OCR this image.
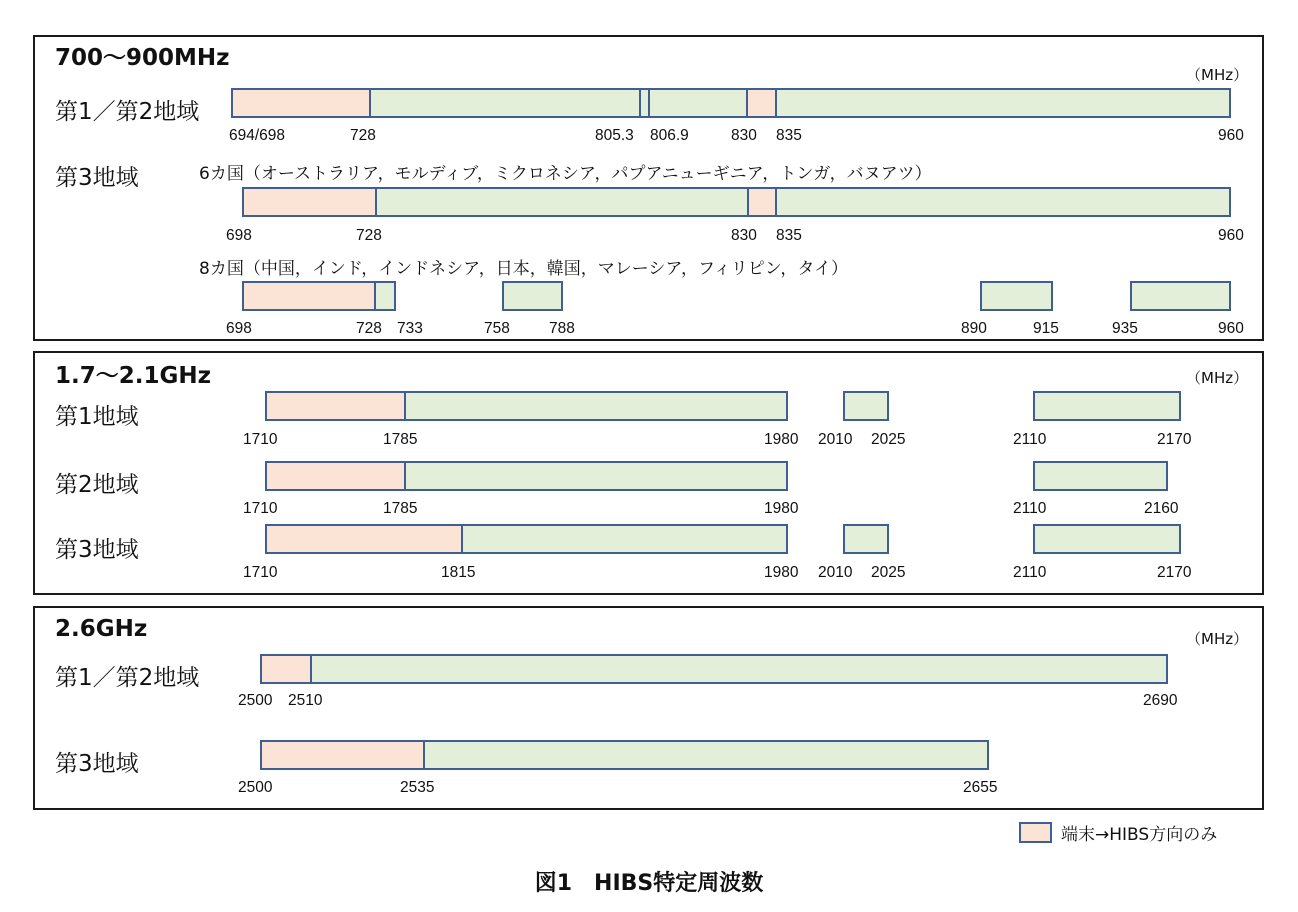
700～900MHz
（MHz）
第1／第2地域
694/698	728	805.3 806.9	830 835	960
第3地域	6カ国（オーストラリア，モルディブ，ミクロネシア，パプアニューギニア，トンガ，バヌアツ）
698	728	830 835	960
8カ国（中国，インド，インドネシア，日本，韓国，マレーシア，フィリピン，タイ）
698	728 733	758	788	890	915	935	960
1.7～2.1GHz	（MHz）
第1地域
1710	1785	1980 2010 2025	2110	2170
第2地域
1710	1785	1980	2110	2160
第3地域
1710	1815	1980 2010 2025	2110	2170
2.6GHz	（MHz）
第1／第2地域
2500 2510	2690
第3地域
2500	2535	2655
端末→HIBS方向のみ
図1　HIBS特定周波数
